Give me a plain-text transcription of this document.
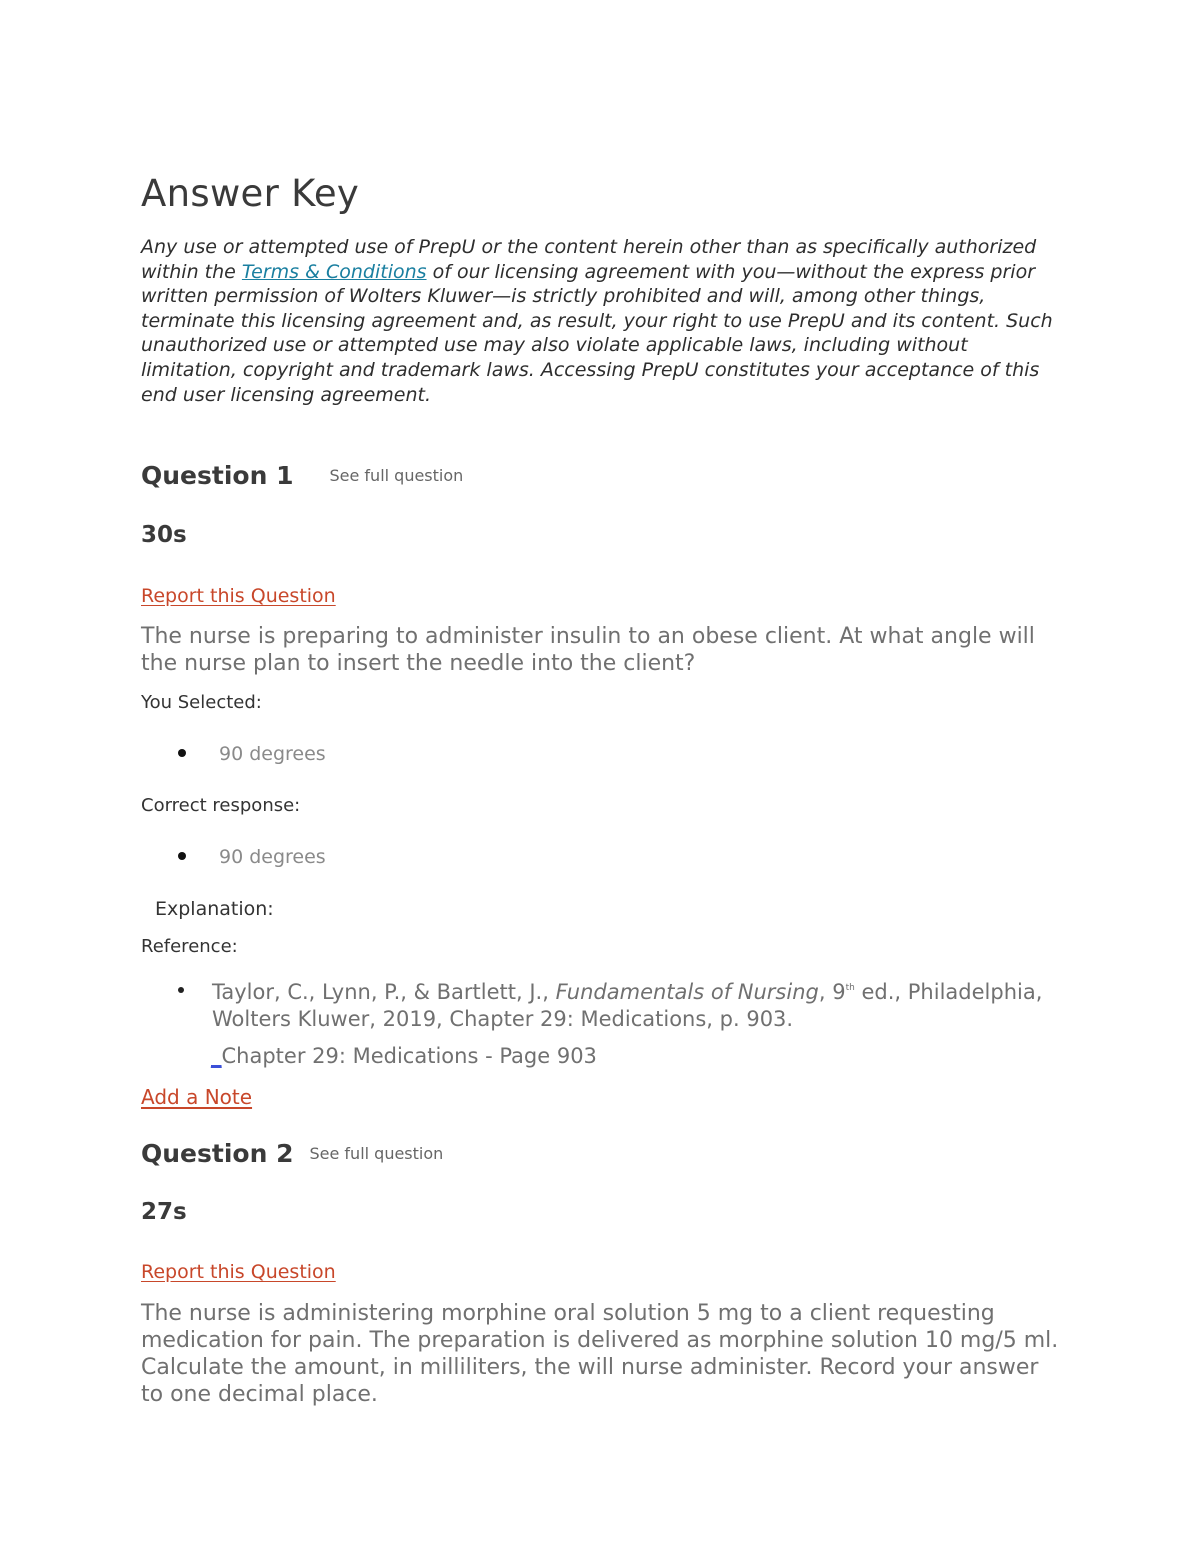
Answer Key
Any use or attempted use of PrepU or the content herein other than as specifically authorized within the Terms & Conditions of our licensing agreement with you—without the express prior written permission of Wolters Kluwer—is strictly prohibited and will, among other things, terminate this licensing agreement and, as result, your right to use PrepU and its content. Such unauthorized use or attempted use may also violate applicable laws, including without limitation, copyright and trademark laws. Accessing PrepU constitutes your acceptance of this end user licensing agreement.
Question 1 See full question
30s
Report this Question
The nurse is preparing to administer insulin to an obese client. At what angle will the nurse plan to insert the needle into the client?
You Selected:
90 degrees
Correct response:
90 degrees
Explanation:
Reference:
Taylor, C., Lynn, P., & Bartlett, J., Fundamentals of Nursing, 9th ed., Philadelphia, Wolters Kluwer, 2019, Chapter 29: Medications, p. 903.
_Chapter 29: Medications - Page 903
Add a Note
Question 2 See full question
27s
Report this Question
The nurse is administering morphine oral solution 5 mg to a client requesting medication for pain. The preparation is delivered as morphine solution 10 mg/5 ml. Calculate the amount, in milliliters, the will nurse administer. Record your answer to one decimal place.
